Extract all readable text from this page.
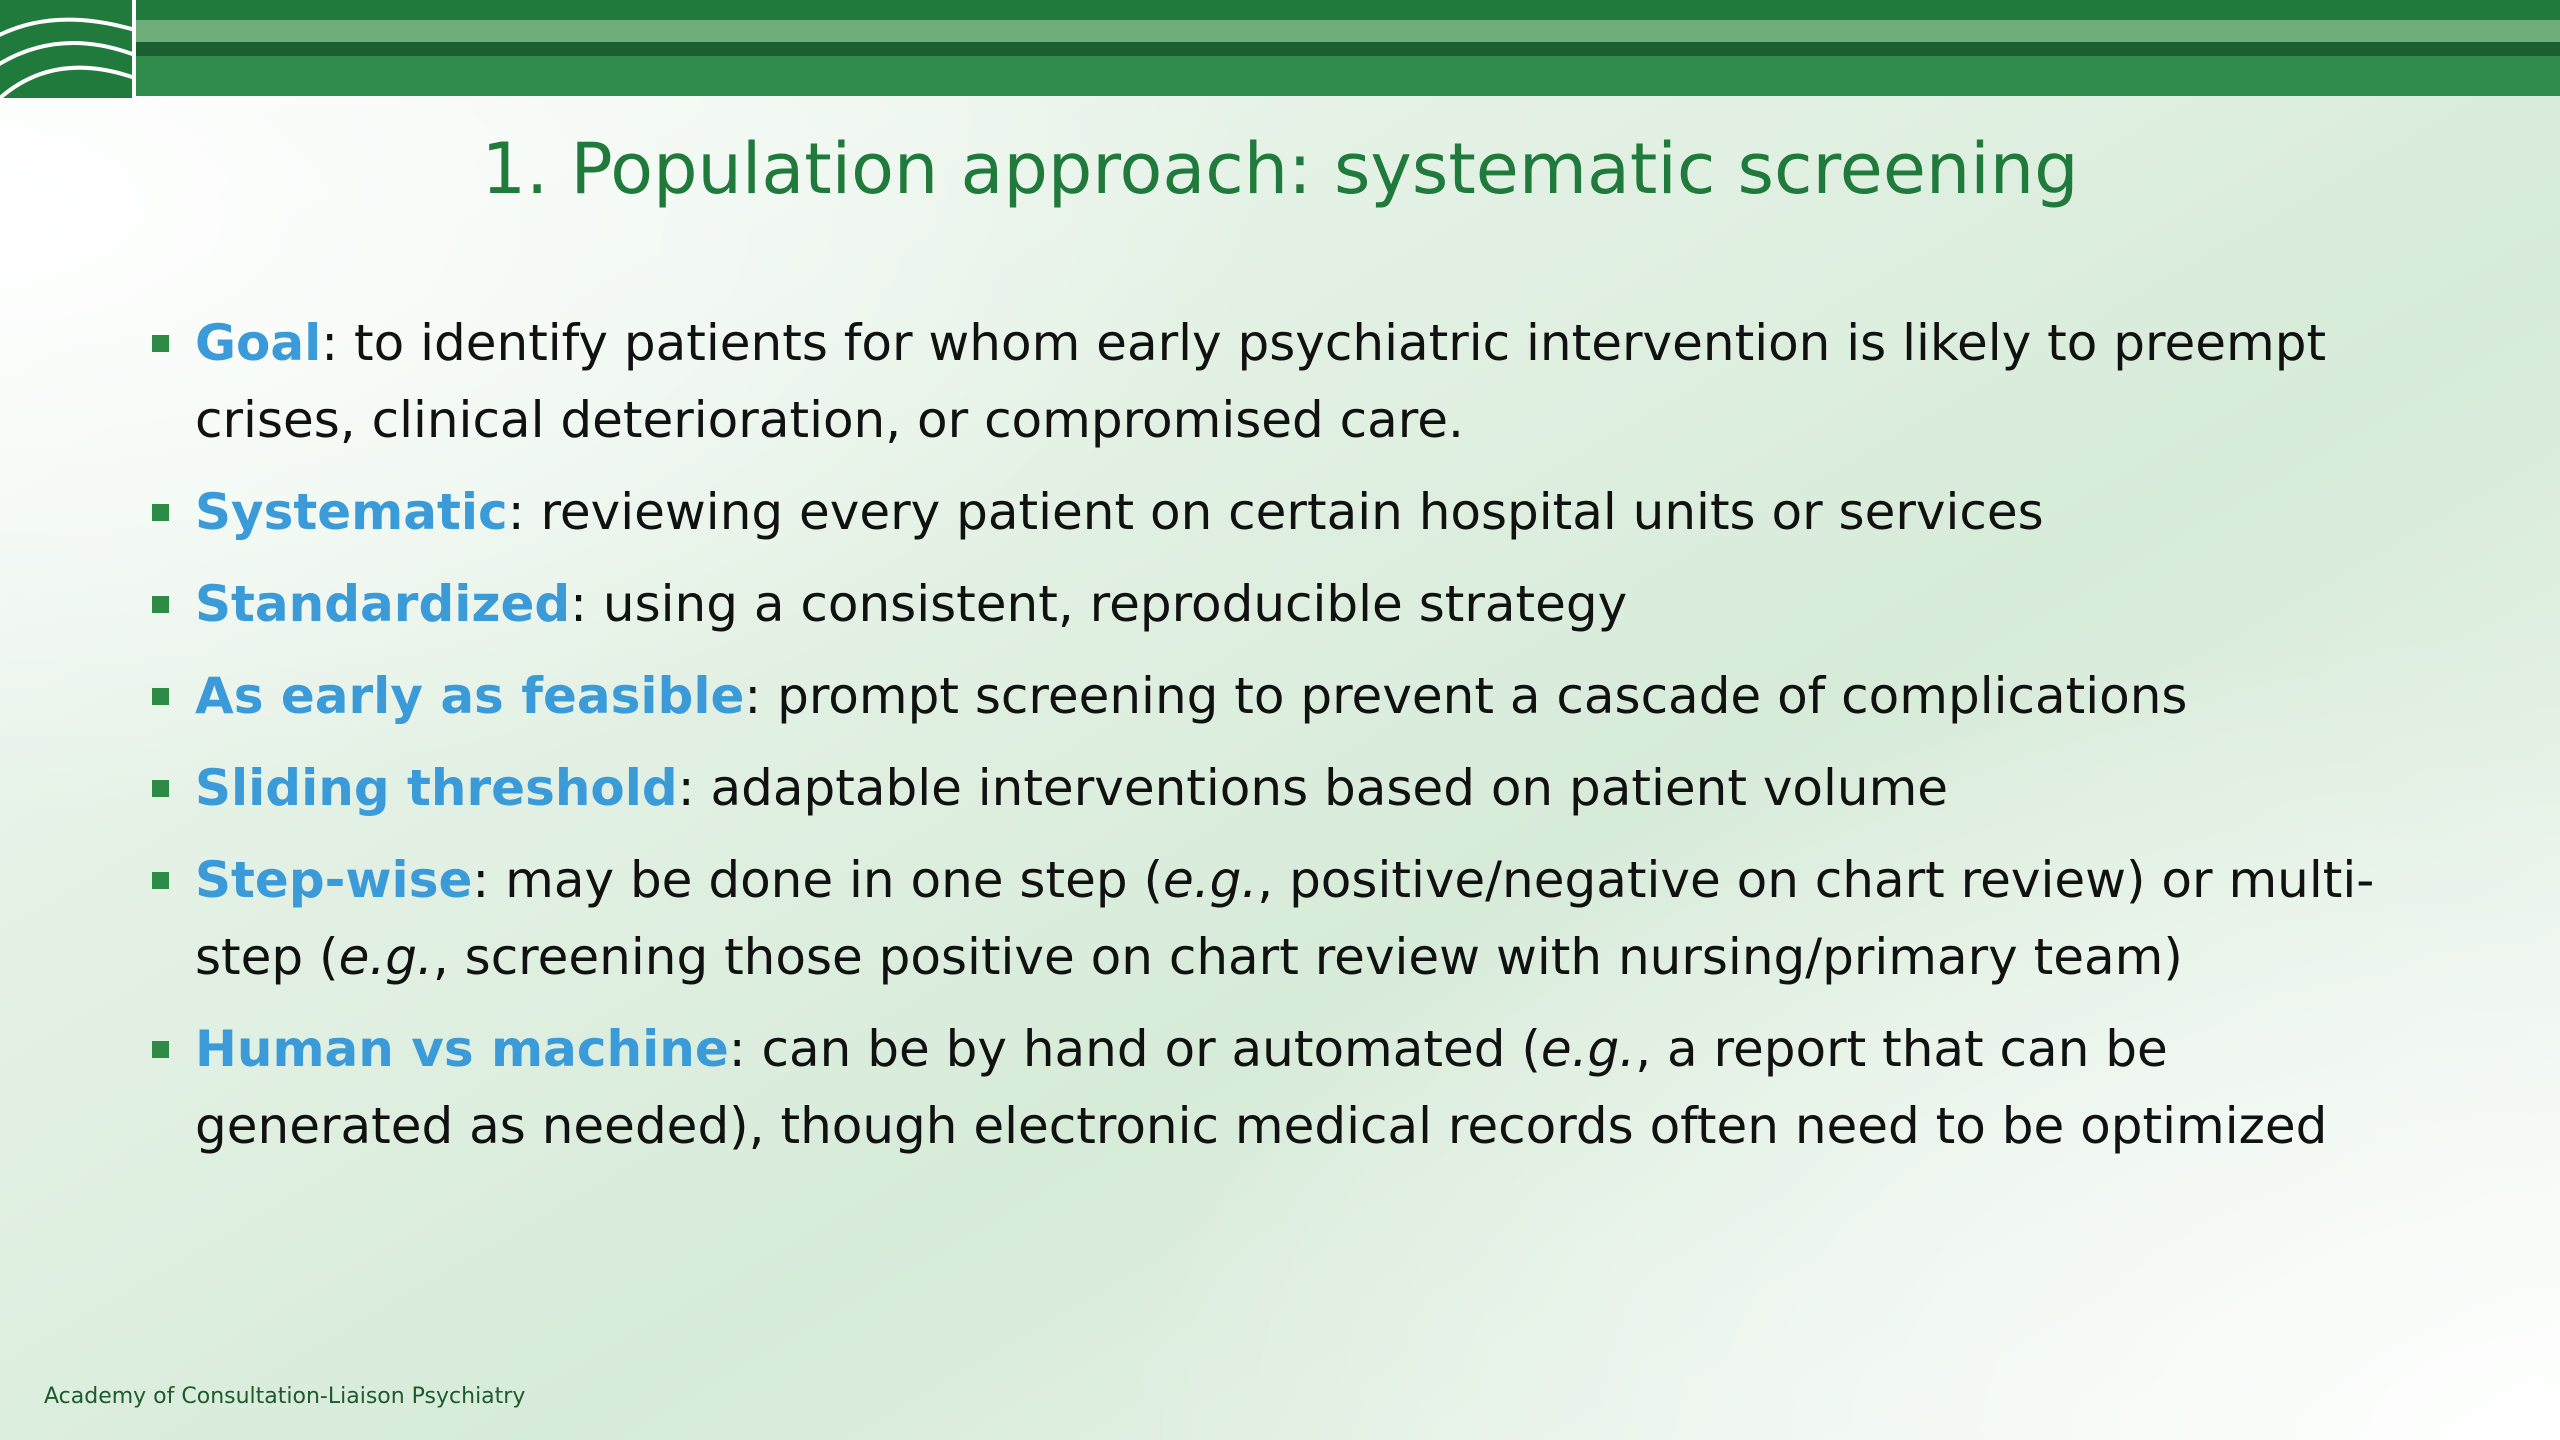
1. Population approach: systematic screening
Goal: to identify patients for whom early psychiatric intervention is likely to preempt crises, clinical deterioration, or compromised care.
Systematic: reviewing every patient on certain hospital units or services
Standardized: using a consistent, reproducible strategy
As early as feasible: prompt screening to prevent a cascade of complications
Sliding threshold: adaptable interventions based on patient volume
Step-wise: may be done in one step (e.g., positive/negative on chart review) or multi-step (e.g., screening those positive on chart review with nursing/primary team)
Human vs machine: can be by hand or automated (e.g., a report that can be generated as needed), though electronic medical records often need to be optimized
Academy of Consultation-Liaison Psychiatry
